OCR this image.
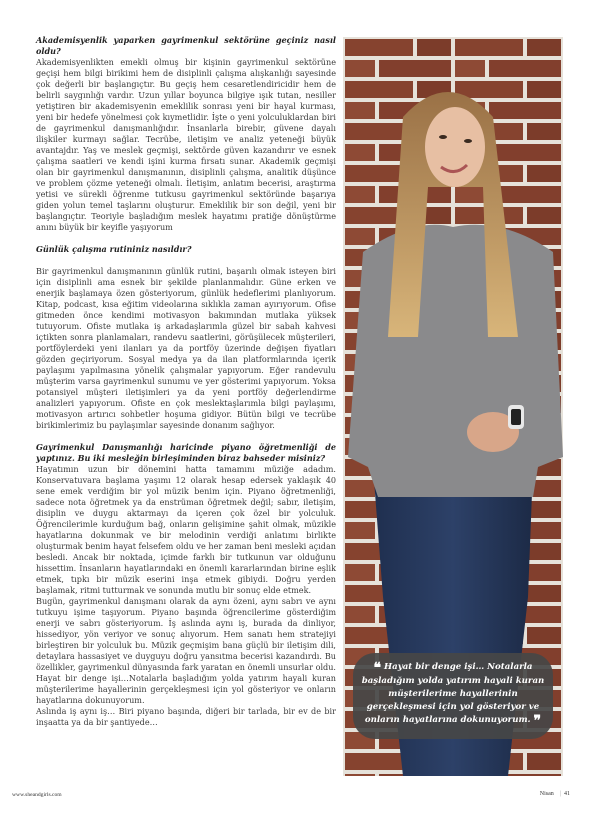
Akademisyenlik yaparken gayrimenkul sektörüne geçiniz nasıl oldu?

Akademisyenlikten emekli olmuş bir kişinin gayrimenkul sektörüne geçişi hem bilgi birikimi hem de disiplinli çalışma alışkanlığı sayesinde çok değerli bir başlangıçtır. Bu geçiş hem cesaretlendiricidir hem de belirli saygınlığı vardır. Uzun yıllar boyunca bilgiye ışık tutan, nesiller yetiştiren bir akademisyenin emeklilik sonrası yeni bir hayal kurması, yeni bir hedefe yönelmesi çok kıymetlidir. İşte o yeni yolculuklardan biri de gayrimenkul danışmanlığıdır. İnsanlarla birebir, güvene dayalı ilişkiler kurmayı sağlar. Tecrübe, iletişim ve analiz yeteneği büyük avantajdır. Yaş ve meslek geçmişi, sektörde güven kazandırır ve esnek çalışma saatleri ve kendi işini kurma fırsatı sunar. Akademik geçmişi olan bir gayrimenkul danışmanının, disiplinli çalışma, analitik düşünce ve problem çözme yeteneği olmalı. İletişim, anlatım becerisi, araştırma yetisi ve sürekli öğrenme tutkusu gayrimenkul sektöründe başarıya giden yolun temel taşlarını oluşturur. Emeklilik bir son değil, yeni bir başlangıçtır. Teoriyle başladığım meslek hayatımı pratiğe dönüştürme anını büyük bir keyifle yaşıyorum

Günlük çalışma rutininiz nasıldır?

Bir gayrimenkul danışmanının günlük rutini, başarılı olmak isteyen biri için disiplinli ama esnek bir şekilde planlanmalıdır. Güne erken ve enerjik başlamaya özen gösteriyorum, günlük hedeflerimi planlıyorum. Kitap, podcast, kısa eğitim videolarına sıklıkla zaman ayırıyorum. Ofise gitmeden önce kendimi motivasyon bakımından mutlaka yüksek tutuyorum. Ofiste mutlaka iş arkadaşlarımla güzel bir sabah kahvesi içtikten sonra planlamaları, randevu saatlerini, görüşülecek müşterileri, portföylerdeki yeni ilanları ya da portföy üzerinde değişen fiyatları gözden geçiriyorum. Sosyal medya ya da ilan platformlarında içerik paylaşımı yapılmasına yönelik çalışmalar yapıyorum. Eğer randevulu müşterim varsa gayrimenkul sunumu ve yer gösterimi yapıyorum. Yoksa potansiyel müşteri iletişimleri ya da yeni portföy değerlendirme analizleri yapıyorum. Ofiste en çok meslektaşlarımla bilgi paylaşımı, motivasyon artırıcı sohbetler hoşuma gidiyor. Bütün bilgi ve tecrübe birikimlerimiz bu paylaşımlar sayesinde donanım sağlıyor.

Gayrimenkul Danışmanlığı haricinde piyano öğretmenliği de yaptınız. Bu iki mesleğin birleşiminden biraz bahseder misiniz?

Hayatımın uzun bir dönemini hatta tamamını müziğe adadım. Konservatuvara başlama yaşımı 12 olarak hesap edersek yaklaşık 40 sene emek verdiğim bir yol müzik benim için. Piyano öğretmenliği, sadece nota öğretmek ya da enstrüman öğretmek değil; sabır, iletişim, disiplin ve duygu aktarmayı da içeren çok özel bir yolculuk. Öğrencilerimle kurduğum bağ, onların gelişimine şahit olmak, müzikle hayatlarına dokunmak ve bir melodinin verdiği anlatımı birlikte oluşturmak benim hayat felsefem oldu ve her zaman beni mesleki açıdan besledi. Ancak bir noktada, içimde farklı bir tutkunun var olduğunu hissettim. İnsanların hayatlarındaki en önemli kararlarından birine eşlik etmek, tıpkı bir müzik eserini inşa etmek gibiydi. Doğru yerden başlamak, ritmi tutturmak ve sonunda mutlu bir sonuç elde etmek.

Bugün, gayrimenkul danışmanı olarak da aynı özeni, aynı sabrı ve aynı tutkuyu işime taşıyorum. Piyano başında öğrencilerime gösterdiğim enerji ve sabrı gösteriyorum. İş aslında aynı iş, burada da dinliyor, hissediyor, yön veriyor ve sonuç alıyorum. Hem sanatı hem stratejiyi birleştiren bir yolculuk bu. Müzik geçmişim bana güçlü bir iletişim dili, detaylara hassasiyet ve duyguyu doğru yansıtma becerisi kazandırdı. Bu özellikler, gayrimenkul dünyasında fark yaratan en önemli unsurlar oldu. Hayat bir denge işi…Notalarla başladığım yolda yatırım hayali kuran müşterilerime hayallerinin gerçekleşmesi için yol gösteriyor ve onların hayatlarına dokunuyorum.

Aslında iş aynı iş… Biri piyano başında, diğeri bir tarlada, bir ev de bir inşaatta ya da bir şantiyede…

❝ Hayat bir denge işi… Notalarla başladığım yolda yatırım hayali kuran müşterilerime hayallerinin gerçekleşmesi için yol gösteriyor ve onların hayatlarına dokunuyorum. ❞
www.sheandgirls.com	Nisan | 41
